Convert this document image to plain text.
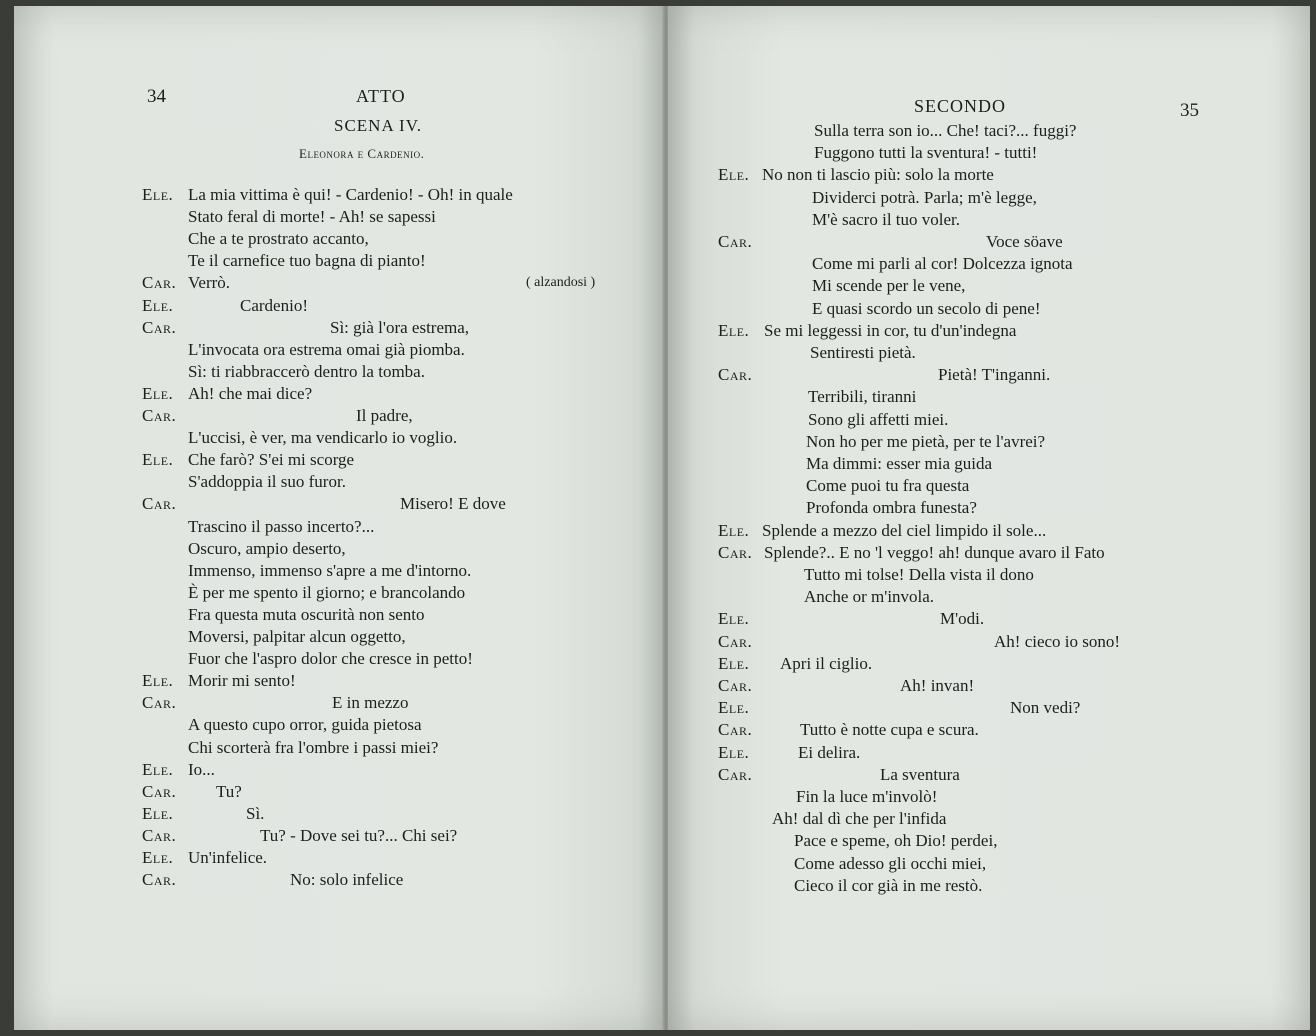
34	ATTO
SCENA IV.
Eleonora e Cardenio.
Ele. La mia vittima è qui! - Cardenio! - Oh! in quale
Stato feral di morte! - Ah! se sapessi
Che a te prostrato accanto,
Te il carnefice tuo bagna di pianto!
Car. Verrò.	( alzandosi )
Ele.	Cardenio!
Car.	Sì: già l'ora estrema,
L'invocata ora estrema omai già piomba.
Sì: ti riabbraccerò dentro la tomba.
Ele. Ah! che mai dice?
Car.	Il padre,
L'uccisi, è ver, ma vendicarlo io voglio.
Ele. Che farò? S'ei mi scorge
S'addoppia il suo furor.
Car.	Misero! E dove
Trascino il passo incerto?...
Oscuro, ampio deserto,
Immenso, immenso s'apre a me d'intorno.
È per me spento il giorno; e brancolando
Fra questa muta oscurità non sento
Moversi, palpitar alcun oggetto,
Fuor che l'aspro dolor che cresce in petto!
Ele. Morir mi sento!
Car.	E in mezzo
A questo cupo orror, guida pietosa
Chi scorterà fra l'ombre i passi miei?
Ele. Io...
Car. Tu?
Ele.	Sì.
Car.	Tu? - Dove sei tu?... Chi sei?
Ele. Un'infelice.
Car.	No: solo infelice
SECONDO	35
Sulla terra son io... Che! taci?... fuggi?
Fuggono tutti la sventura! - tutti!
Ele. No non ti lascio più: solo la morte
Dividerci potrà. Parla; m'è legge,
M'è sacro il tuo voler.
Car.	Voce söave
Come mi parli al cor! Dolcezza ignota
Mi scende per le vene,
E quasi scordo un secolo di pene!
Ele. Se mi leggessi in cor, tu d'un'indegna
Sentiresti pietà.
Car.	Pietà! T'inganni.
Terribili, tiranni
Sono gli affetti miei.
Non ho per me pietà, per te l'avrei?
Ma dimmi: esser mia guida
Come puoi tu fra questa
Profonda ombra funesta?
Ele. Splende a mezzo del ciel limpido il sole...
Car. Splende?.. E no 'l veggo! ah! dunque avaro il Fato
Tutto mi tolse! Della vista il dono
Anche or m'invola.
Ele.	M'odi.
Car.	Ah! cieco io sono!
Ele. Apri il ciglio.
Car.	Ah! invan!
Ele.	Non vedi?
Car.	Tutto è notte cupa e scura.
Ele.	Ei delira.
Car.	La sventura
Fin la luce m'involò!
Ah! dal dì che per l'infida
Pace e speme, oh Dio! perdei,
Come adesso gli occhi miei,
Cieco il cor già in me restò.
